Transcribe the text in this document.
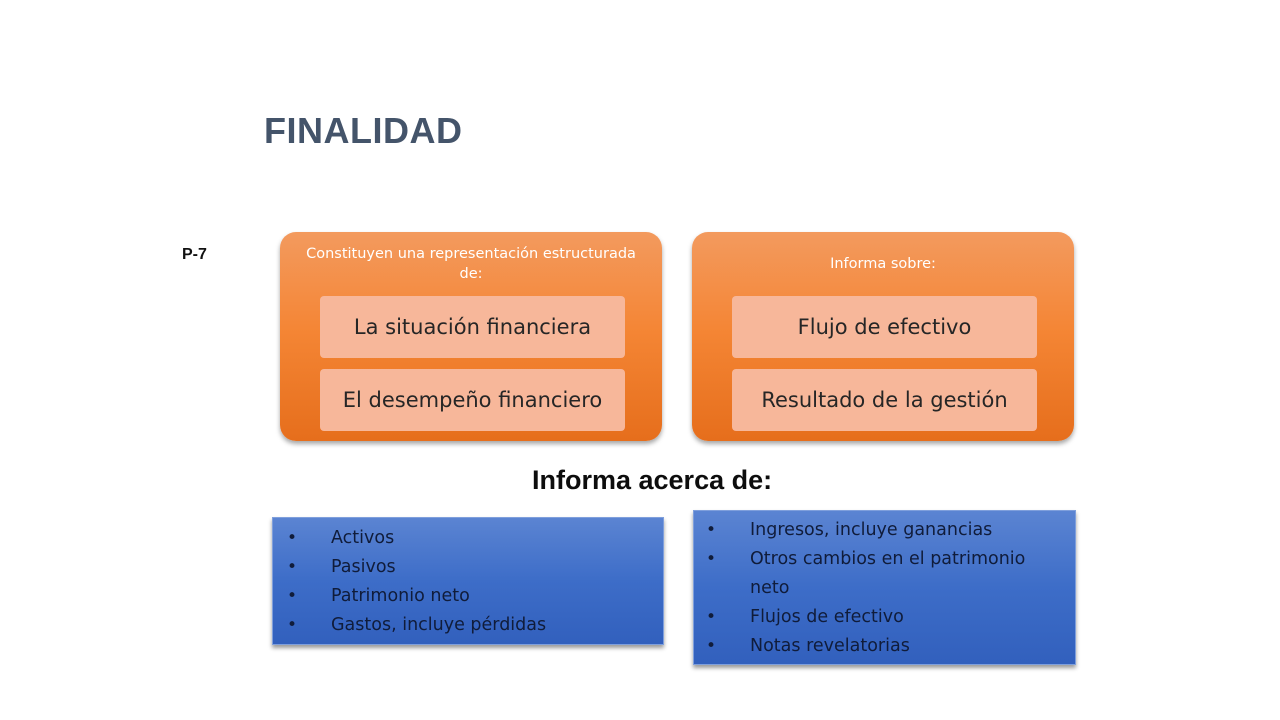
FINALIDAD
P-7	Constituyen una representación estructurada de:
La situación financiera
El desempeño financiero
Informa sobre:
Flujo de efectivo
Resultado de la gestión
Informa acerca de:
• Activos
• Pasivos
• Patrimonio neto
• Gastos, incluye pérdidas
• Ingresos, incluye ganancias
• Otros cambios en el patrimonio neto
• Flujos de efectivo
• Notas revelatorias
